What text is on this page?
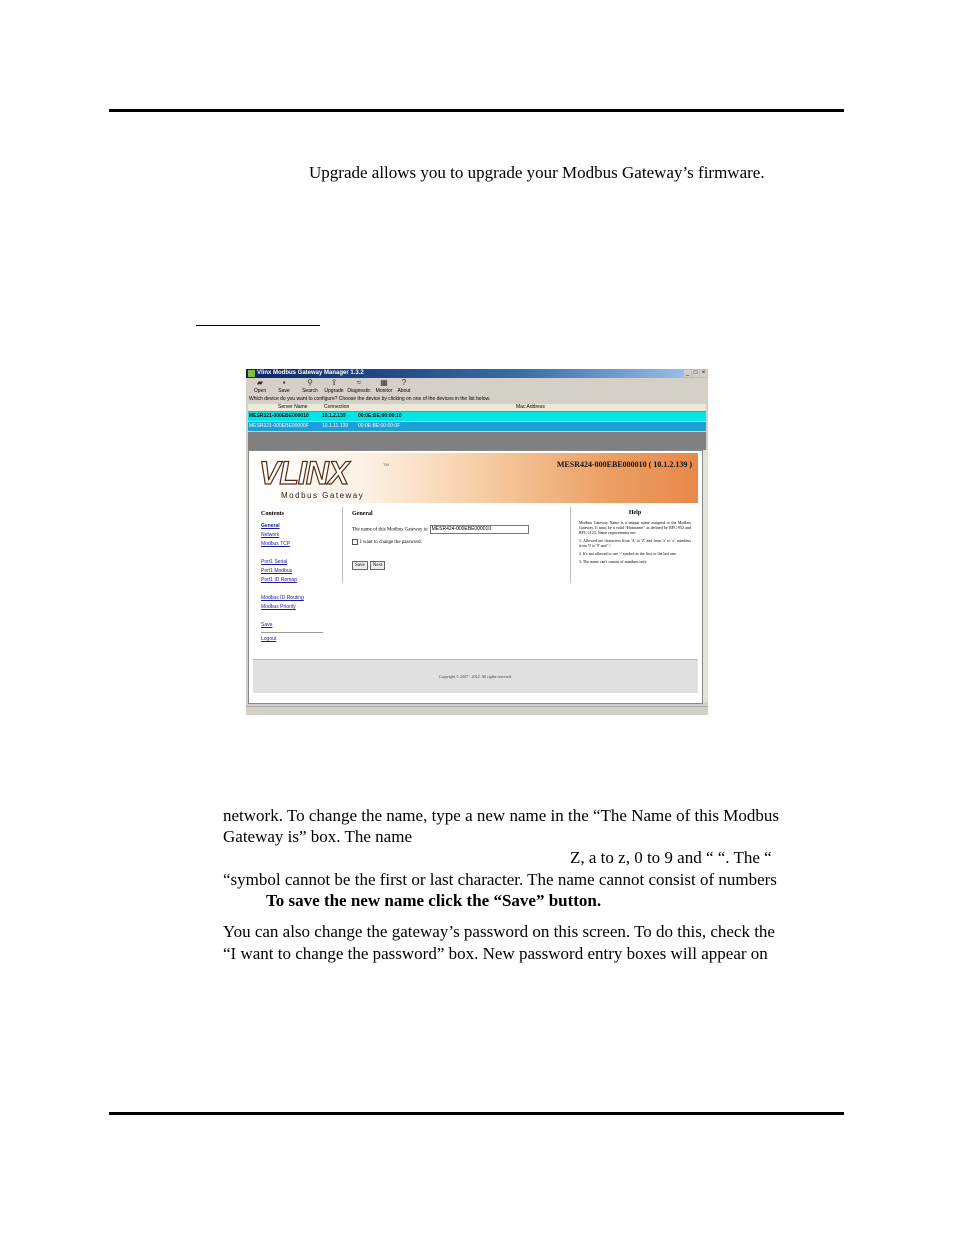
Upgrade allows you to upgrade your Modbus Gateway’s firmware.
Vlinx Modbus Gateway Manager 1.3.2	_ □ ×
▰
Open
▪
Save
⚲
Search
⇪
Upgrade
≈
Diagnostic
▦
Monitor
?
About
Which device do you want to configure? Choose the device by clicking on one of the devices in the list below.
Server Name	Connection	Mac Address
MESR321-000EBE000010	10.1.2.139 00:0E:BE:00:00:10
MESR321-000EBE00000F	10.1.11.139 00:0E:BE:00:00:0F
VLINX	TM
Modbus Gateway
MESR424-000EBE000010 ( 10.1.2.139 )
Contents
General
Network
Modbus TCP
Port1 Serial
Port1 Modbus
Port1 ID Remap
Modbus ID Routing
Modbus Priority
Save
Logout
General
The name of this Modbus Gateway is: MESR424-000EBE000010
I want to change the password.
Save Next
Help

Modbus Gateway Name is a unique name assigned to the Modbus Gateway. It must be a valid “Hostname” as defined by RFC-952 and RFC-1123. Name requirements are:

1. Allowed are characters from 'A' to 'Z' and from 'a' to 'z', numbers from '0' to '9' and '-'.

2. It's not allowed to use '-' symbol as the first or the last one.

3. The name can't consist of numbers only.

Copyright © 2007 - 2012. All rights reserved.
network. To change the name, type a new name in the “The Name of this Modbus
Gateway is” box. The name
Z, a to z, 0 to 9 and “ “. The “
“symbol cannot be the first or last character. The name cannot consist of numbers
To save the new name click the “Save” button.
You can also change the gateway’s password on this screen. To do this, check the
“I want to change the password” box. New password entry boxes will appear on
